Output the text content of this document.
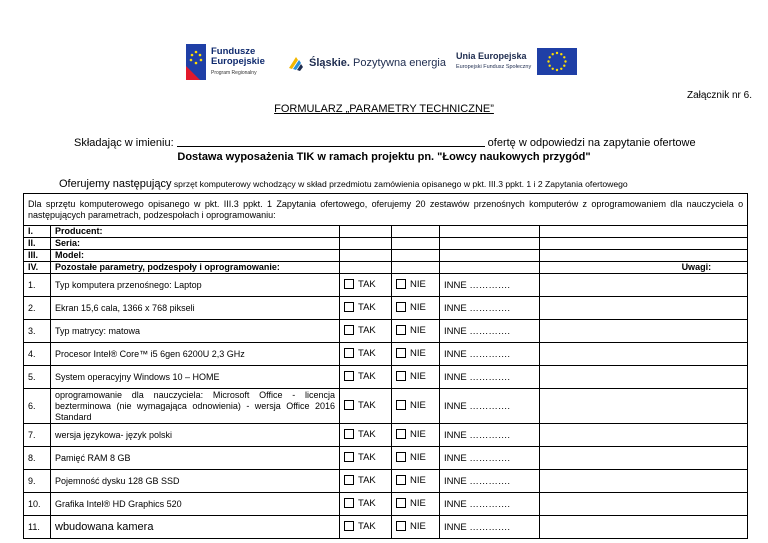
Fundusze
Europejskie
Program Regionalny
Śląskie. Pozytywna energia
Unia Europejska
Europejski Fundusz Społeczny
Załącznik nr 6.
FORMULARZ „PARAMETRY TECHNICZNE”
Składając w imieniu:	ofertę w odpowiedzi na zapytanie ofertowe
Dostawa wyposażenia TIK w ramach projektu pn. "Łowcy naukowych przygód"
Oferujemy następujący sprzęt komputerowy wchodzący w skład przedmiotu zamówienia opisanego w pkt. III.3 ppkt. 1 i 2 Zapytania ofertowego
Dla sprzętu komputerowego opisanego w pkt. III.3 ppkt. 1 Zapytania ofertowego, oferujemy 20 zestawów przenośnych komputerów z oprogramowaniem dla nauczyciela o następujących parametrach, podzespołach i oprogramowaniu:					
I.	Producent:				
II.	Seria:				
III.	Model:				
IV.	Pozostałe parametry, podzespoły i oprogramowanie:				Uwagi:
1.	Typ komputera przenośnego: Laptop	TAK	NIE	INNE ………….	
2.	Ekran 15,6 cala, 1366 x 768 pikseli	TAK	NIE	INNE ………….	
3.	Typ matrycy: matowa	TAK	NIE	INNE ………….	
4.	Procesor Intel® Core™ i5 6gen 6200U 2,3 GHz	TAK	NIE	INNE ………….	
5.	System operacyjny Windows 10 – HOME	TAK	NIE	INNE ………….	
6.	oprogramowanie dla nauczyciela: Microsoft Office - licencja bezterminowa (nie wymagająca odnowienia) - wersja Office 2016 Standard	TAK	NIE	INNE ………….	
7.	wersja językowa- język polski	TAK	NIE	INNE ………….	
8.	Pamięć RAM 8 GB	TAK	NIE	INNE ………….	
9.	Pojemność dysku 128 GB SSD	TAK	NIE	INNE ………….	
10.	Grafika Intel® HD Graphics 520	TAK	NIE	INNE ………….	
11.	wbudowana kamera	TAK	NIE	INNE ………….	
